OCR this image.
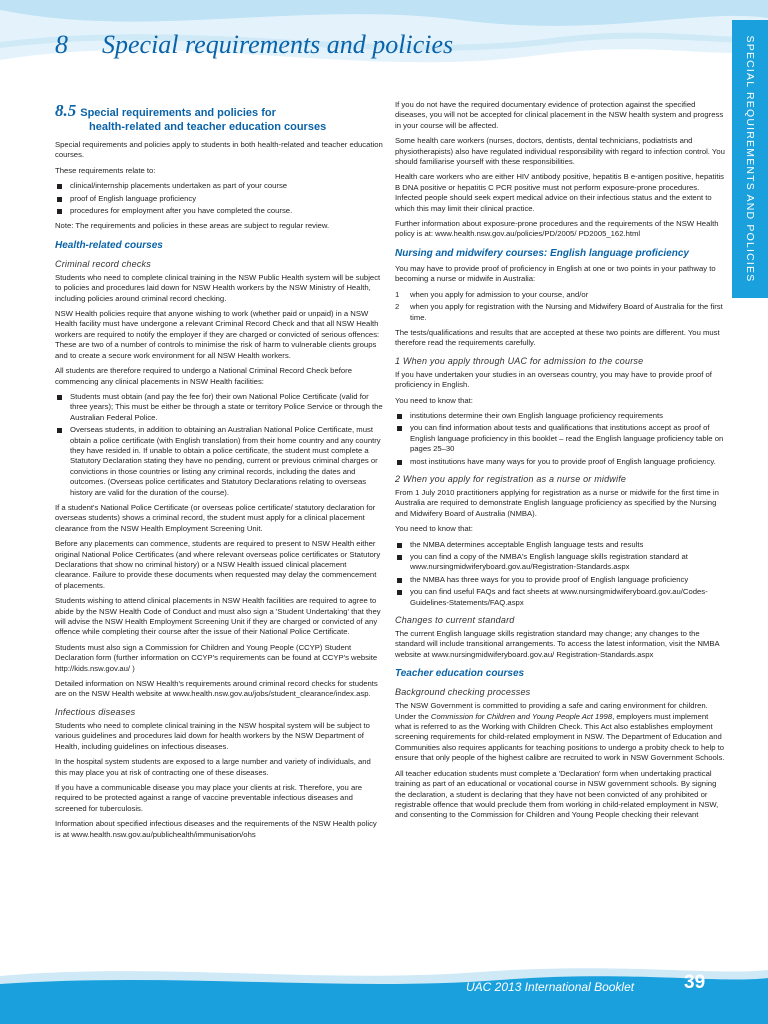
8 Special requirements and policies	SPECIAL REQUIREMENTS AND POLICIES
8.5 Special requirements and policies for
health-related and teacher education courses

Special requirements and policies apply to students in both health-related and teacher education courses.

These requirements relate to:

clinical/internship placements undertaken as part of your course
proof of English language proficiency
procedures for employment after you have completed the course.

Note: The requirements and policies in these areas are subject to regular review.

Health-related courses
Criminal record checks

Students who need to complete clinical training in the NSW Public Health system will be subject to policies and procedures laid down for NSW Health workers by the NSW Ministry of Health, including policies around criminal record checking.

NSW Health policies require that anyone wishing to work (whether paid or unpaid) in a NSW Health facility must have undergone a relevant Criminal Record Check and that all NSW Health workers are required to notify the employer if they are charged or convicted of serious offences: These are two of a number of controls to minimise the risk of harm to vulnerable clients groups and to create a secure work environment for all NSW Health workers.

All students are therefore required to undergo a National Criminal Record Check before commencing any clinical placements in NSW Health facilities:

Students must obtain (and pay the fee for) their own National Police Certificate (valid for three years); This must be either be through a state or territory Police Service or through the Australian Federal Police.
Overseas students, in addition to obtaining an Australian National Police Certificate, must obtain a police certificate (with English translation) from their home country and any country they have resided in. If unable to obtain a police certificate, the student must complete a Statutory Declaration stating they have no pending, current or previous criminal charges or convictions in those countries or listing any criminal records, including the dates and outcomes. (Overseas police certificates and Statutory Declarations relating to overseas history are valid for the duration of the course).

If a student's National Police Certificate (or overseas police certificate/ statutory declaration for overseas students) shows a criminal record, the student must apply for a clinical placement clearance from the NSW Health Employment Screening Unit.

Before any placements can commence, students are required to present to NSW Health either original National Police Certificates (and where relevant overseas police certificates or Statutory Declarations that show no criminal history) or a NSW Health issued clinical placement clearance. Failure to provide these documents when requested may delay the commencement of placements.

Students wishing to attend clinical placements in NSW Health facilities are required to agree to abide by the NSW Health Code of Conduct and must also sign a 'Student Undertaking' that they will advise the NSW Health Employment Screening Unit if they are charged or convicted of any offence while completing their course after the issue of their National Police Certificate.

Students must also sign a Commission for Children and Young People (CCYP) Student Declaration form (further information on CCYP's requirements can be found at CCYP's website http://kids.nsw.gov.au/ )

Detailed information on NSW Health's requirements around criminal record checks for students are on the NSW Health website at www.health.nsw.gov.au/jobs/student_clearance/index.asp.

Infectious diseases

Students who need to complete clinical training in the NSW hospital system will be subject to various guidelines and procedures laid down for health workers by the NSW Department of Health, including guidelines on infectious diseases.

In the hospital system students are exposed to a large number and variety of individuals, and this may place you at risk of contracting one of these diseases.

If you have a communicable disease you may place your clients at risk. Therefore, you are required to be protected against a range of vaccine preventable infectious diseases and screened for tuberculosis.

Information about specified infectious diseases and the requirements of the NSW Health policy is at www.health.nsw.gov.au/publichealth/immunisation/ohs

If you do not have the required documentary evidence of protection against the specified diseases, you will not be accepted for clinical placement in the NSW health system and progress in your course will be affected.

Some health care workers (nurses, doctors, dentists, dental technicians, podiatrists and physiotherapists) also have regulated individual responsibility with regard to infection control. You should familiarise yourself with these responsibilities.

Health care workers who are either HIV antibody positive, hepatitis B e-antigen positive, hepatitis B DNA positive or hepatitis C PCR positive must not perform exposure-prone procedures. Infected people should seek expert medical advice on their infectious status and the extent to which this may limit their clinical practice.

Further information about exposure-prone procedures and the requirements of the NSW Health policy is at: www.health.nsw.gov.au/policies/PD/2005/ PD2005_162.html

Nursing and midwifery courses: English language proficiency

You may have to provide proof of proficiency in English at one or two points in your pathway to becoming a nurse or midwife in Australia:

1	when you apply for admission to your course, and/or
2	when you apply for registration with the Nursing and Midwifery Board of Australia for the first time.

The tests/qualifications and results that are accepted at these two points are different. You must therefore read the requirements carefully.

1 When you apply through UAC for admission to the course

If you have undertaken your studies in an overseas country, you may have to provide proof of proficiency in English.

You need to know that:

institutions determine their own English language proficiency requirements
you can find information about tests and qualifications that institutions accept as proof of English language proficiency in this booklet – read the English language proficiency table on pages 25–30
most institutions have many ways for you to provide proof of English language proficiency.
2 When you apply for registration as a nurse or midwife

From 1 July 2010 practitioners applying for registration as a nurse or midwife for the first time in Australia are required to demonstrate English language proficiency as specified by the Nursing and Midwifery Board of Australia (NMBA).

You need to know that:

the NMBA determines acceptable English language tests and results
you can find a copy of the NMBA's English language skills registration standard at www.nursingmidwiferyboard.gov.au/Registration-Standards.aspx
the NMBA has three ways for you to provide proof of English language proficiency
you can find useful FAQs and fact sheets at www.nursingmidwiferyboard.gov.au/Codes-Guidelines-Statements/FAQ.aspx
Changes to current standard

The current English language skills registration standard may change; any changes to the standard will include transitional arrangements. To access the latest information, visit the NMBA website at www.nursingmidwiferyboard.gov.au/ Registration-Standards.aspx

Teacher education courses
Background checking processes

The NSW Government is committed to providing a safe and caring environment for children. Under the Commission for Children and Young People Act 1998, employers must implement what is referred to as the Working with Children Check. This Act also establishes employment screening requirements for child-related employment in NSW. The Department of Education and Communities also requires applicants for teaching positions to undergo a probity check to help to ensure that only people of the highest calibre are recruited to work in NSW Government Schools.

All teacher education students must complete a 'Declaration' form when undertaking practical training as part of an educational or vocational course in NSW government schools. By signing the declaration, a student is declaring that they have not been convicted of any prohibited or registrable offence that would preclude them from working in child-related employment in NSW, and consenting to the Commission for Children and Young People checking their relevant

UAC 2013 International Booklet	39
